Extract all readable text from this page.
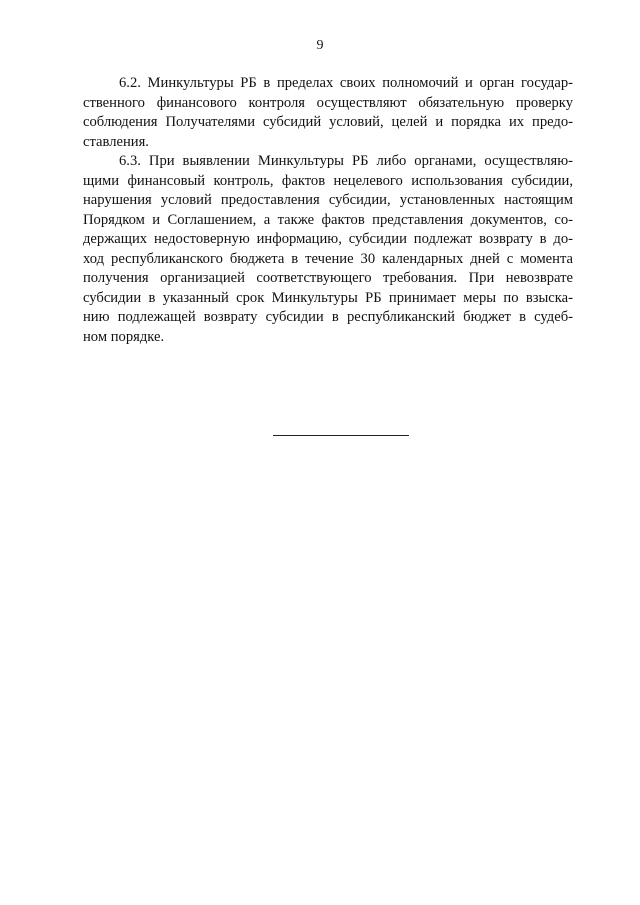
9
6.2. Минкультуры РБ в пределах своих полномочий и орган государ-
ственного финансового контроля осуществляют обязательную проверку
соблюдения Получателями субсидий условий, целей и порядка их предо-
ставления.
6.3. При выявлении Минкультуры РБ либо органами, осуществляю-
щими финансовый контроль, фактов нецелевого использования субсидии,
нарушения условий предоставления субсидии, установленных настоящим
Порядком и Соглашением, а также фактов представления документов, со-
держащих недостоверную информацию, субсидии подлежат возврату в до-
ход республиканского бюджета в течение 30 календарных дней с момента
получения организацией соответствующего требования. При невозврате
субсидии в указанный срок Минкультуры РБ принимает меры по взыска-
нию подлежащей возврату субсидии в республиканский бюджет в судеб-
ном порядке.
